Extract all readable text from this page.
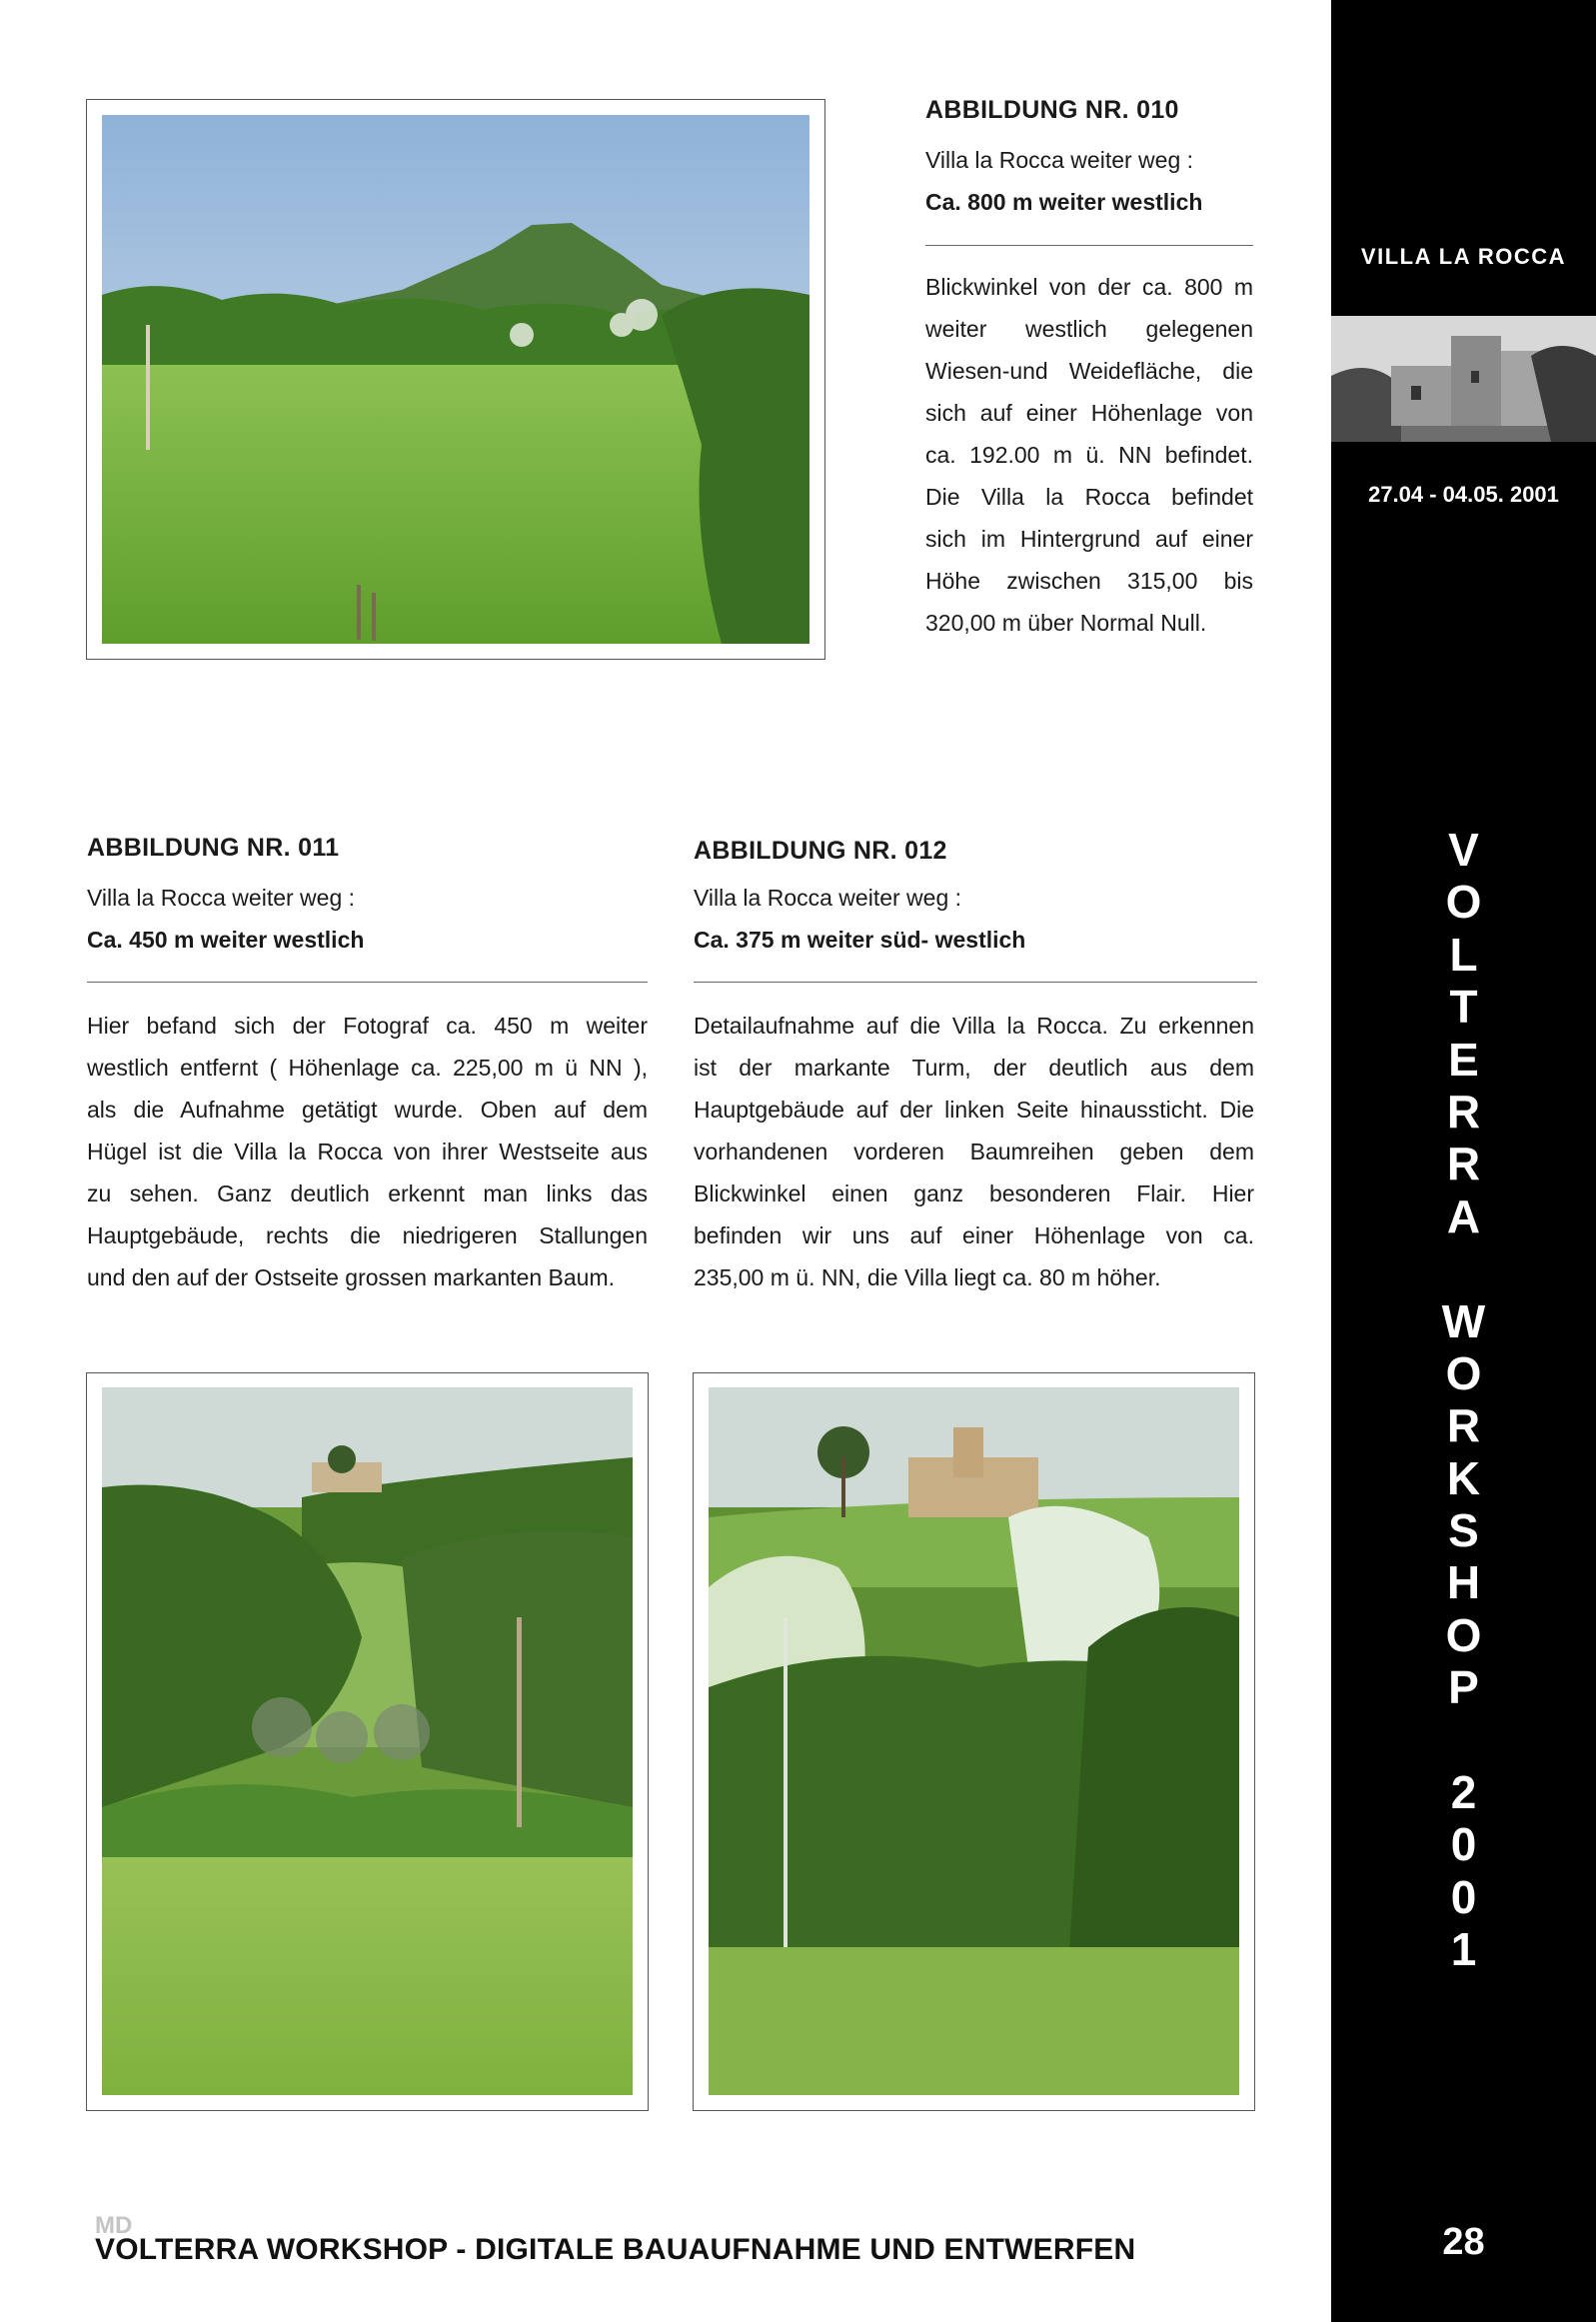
ABBILDUNG NR. 010
Villa la Rocca weiter weg :
Ca. 800 m weiter westlich
Blickwinkel von der ca. 800 m
weiter westlich gelegenen
Wiesen-und Weidefläche, die
sich auf einer Höhenlage von
ca. 192.00 m ü. NN befindet.
Die Villa la Rocca befindet
sich im Hintergrund auf einer
Höhe zwischen 315,00 bis
320,00 m über Normal Null.
ABBILDUNG NR. 011
Villa la Rocca weiter weg :
Ca. 450 m weiter westlich
Hier befand sich der Fotograf ca. 450 m weiter
westlich entfernt ( Höhenlage ca. 225,00 m ü NN ),
als die Aufnahme getätigt wurde. Oben auf dem
Hügel ist die Villa la Rocca von ihrer Westseite aus
zu sehen. Ganz deutlich erkennt man links das
Hauptgebäude, rechts die niedrigeren Stallungen
und den auf der Ostseite grossen markanten Baum.
ABBILDUNG NR. 012
Villa la Rocca weiter weg :
Ca. 375 m weiter süd- westlich
Detailaufnahme auf die Villa la Rocca. Zu erkennen
ist der markante Turm, der deutlich aus dem
Hauptgebäude auf der linken Seite hinaussticht. Die
vorhandenen vorderen Baumreihen geben dem
Blickwinkel einen ganz besonderen Flair. Hier
befinden wir uns auf einer Höhenlage von ca.
235,00 m ü. NN, die Villa liegt ca. 80 m höher.
VILLA LA ROCCA
27.04 - 04.05. 2001
V
O
L
T
E
R
R
A
W
O
R
K
S
H
O
P
2
0
0
1
28
MD
VOLTERRA WORKSHOP - DIGITALE BAUAUFNAHME UND ENTWERFEN
